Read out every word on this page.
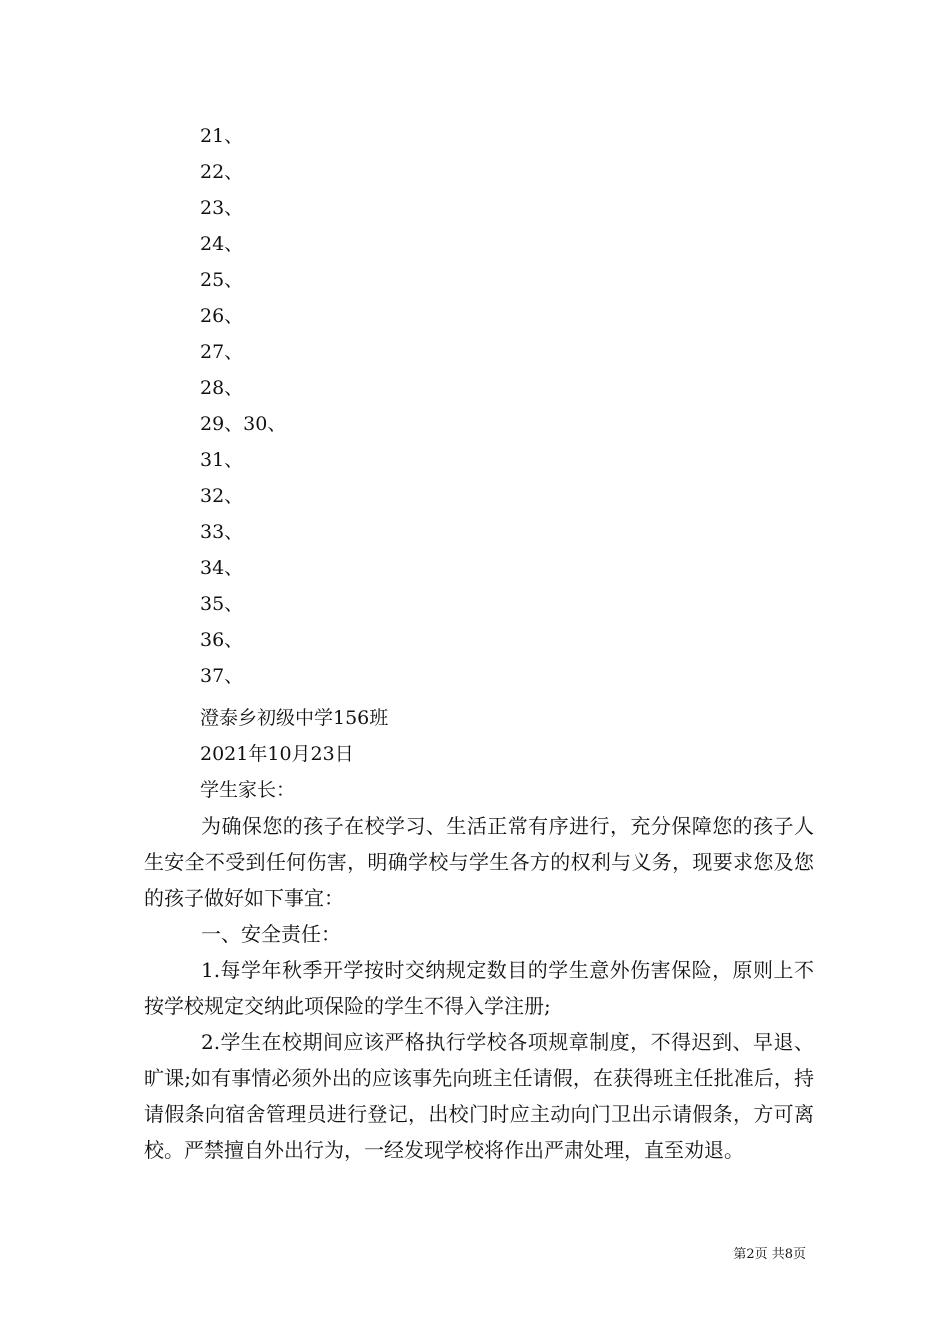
21、
22、
23、
24、
25、
26、
27、
28、
29、30、
31、
32、
33、
34、
35、
36、
37、
澄泰乡初级中学156班
2021年10月23日
学生家长：

为确保您的孩子在校学习、生活正常有序进行，充分保障您的孩子人生安全不受到任何伤害，明确学校与学生各方的权利与义务，现要求您及您的孩子做好如下事宜：

一、安全责任：

1.每学年秋季开学按时交纳规定数目的学生意外伤害保险，原则上不按学校规定交纳此项保险的学生不得入学注册;

2.学生在校期间应该严格执行学校各项规章制度，不得迟到、早退、旷课;如有事情必须外出的应该事先向班主任请假，在获得班主任批准后，持请假条向宿舍管理员进行登记，出校门时应主动向门卫出示请假条，方可离校。严禁擅自外出行为，一经发现学校将作出严肃处理，直至劝退。

第2页 共8页
